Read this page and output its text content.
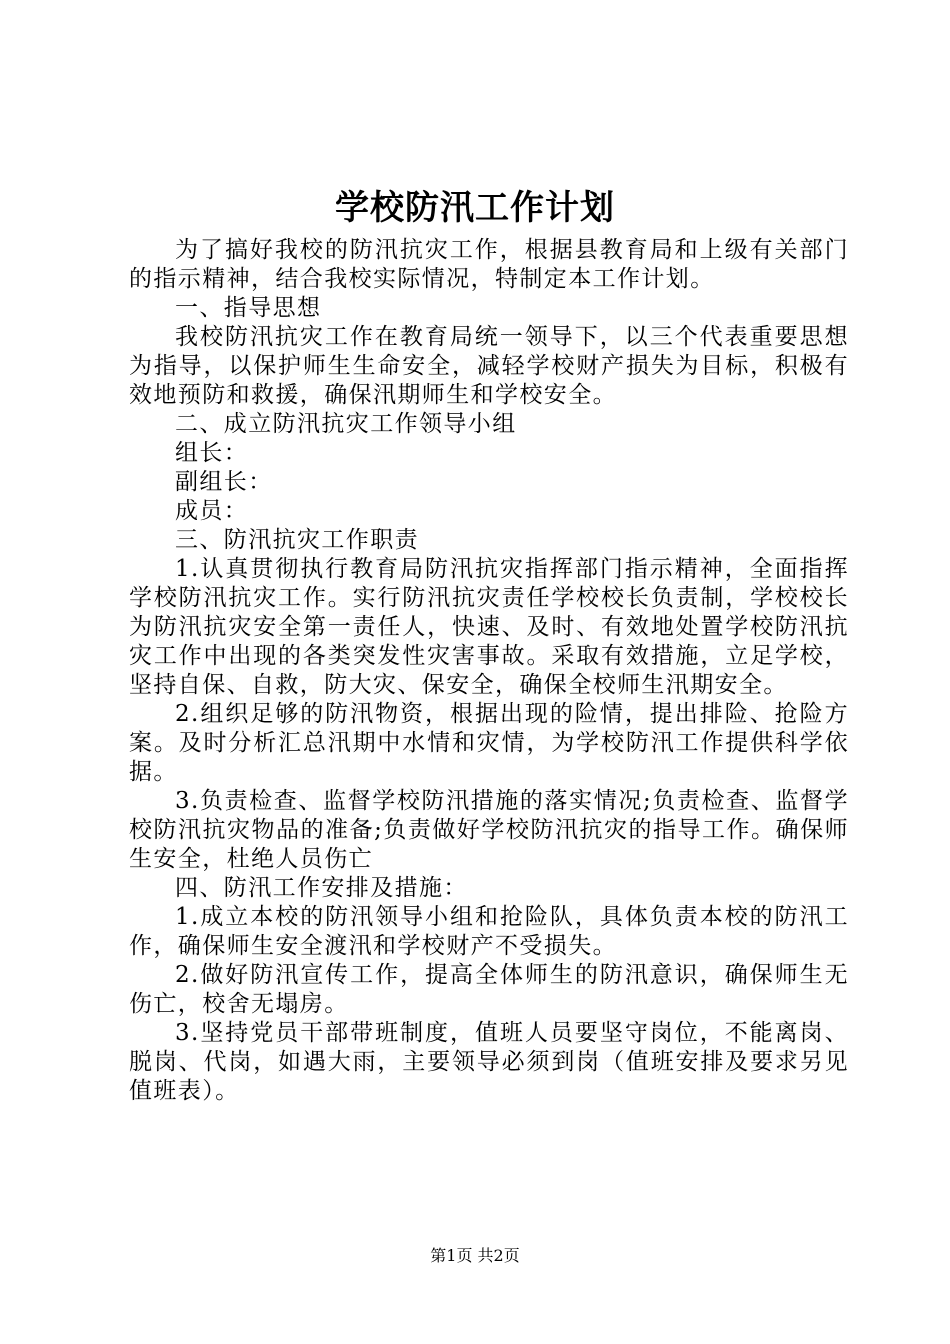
学校防汛工作计划

为了搞好我校的防汛抗灾工作，根据县教育局和上级有关部门的指示精神，结合我校实际情况，特制定本工作计划。

一、指导思想

我校防汛抗灾工作在教育局统一领导下，以三个代表重要思想为指导，以保护师生生命安全，减轻学校财产损失为目标，积极有效地预防和救援，确保汛期师生和学校安全。

二、成立防汛抗灾工作领导小组

组长：

副组长：

成员：

三、防汛抗灾工作职责

1.认真贯彻执行教育局防汛抗灾指挥部门指示精神，全面指挥学校防汛抗灾工作。实行防汛抗灾责任学校校长负责制，学校校长为防汛抗灾安全第一责任人，快速、及时、有效地处置学校防汛抗灾工作中出现的各类突发性灾害事故。采取有效措施，立足学校，坚持自保、自救，防大灾、保安全，确保全校师生汛期安全。

2.组织足够的防汛物资，根据出现的险情，提出排险、抢险方案。及时分析汇总汛期中水情和灾情，为学校防汛工作提供科学依据。

3.负责检查、监督学校防汛措施的落实情况;负责检查、监督学校防汛抗灾物品的准备;负责做好学校防汛抗灾的指导工作。确保师生安全，杜绝人员伤亡

四、防汛工作安排及措施：

1.成立本校的防汛领导小组和抢险队，具体负责本校的防汛工作，确保师生安全渡汛和学校财产不受损失。

2.做好防汛宣传工作，提高全体师生的防汛意识，确保师生无伤亡，校舍无塌房。

3.坚持党员干部带班制度，值班人员要坚守岗位，不能离岗、脱岗、代岗，如遇大雨，主要领导必须到岗（值班安排及要求另见值班表）。

第1页 共2页
